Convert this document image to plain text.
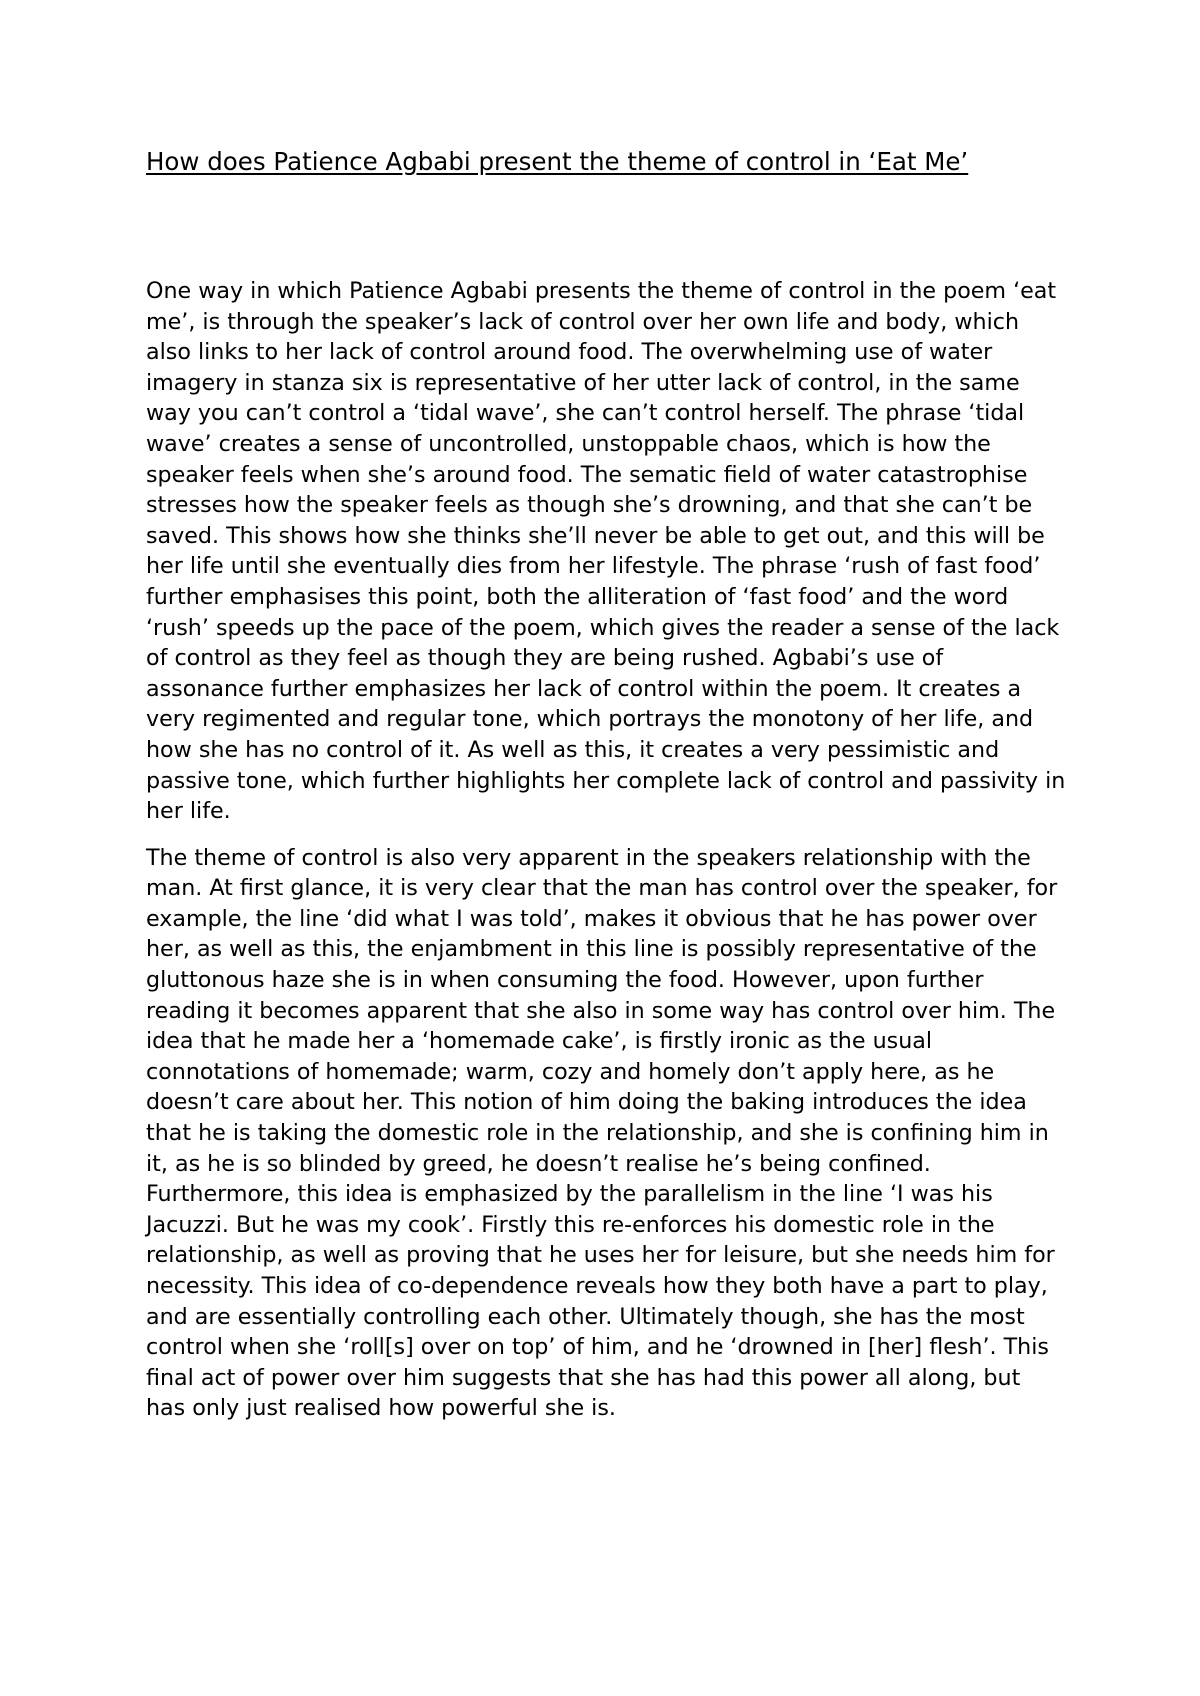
How does Patience Agbabi present the theme of control in ‘Eat Me’

One way in which Patience Agbabi presents the theme of control in the poem ‘eat me’, is through the speaker’s lack of control over her own life and body, which also links to her lack of control around food. The overwhelming use of water imagery in stanza six is representative of her utter lack of control, in the same way you can’t control a ‘tidal wave’, she can’t control herself. The phrase ‘tidal wave’ creates a sense of uncontrolled, unstoppable chaos, which is how the speaker feels when she’s around food. The sematic field of water catastrophise stresses how the speaker feels as though she’s drowning, and that she can’t be saved. This shows how she thinks she’ll never be able to get out, and this will be her life until she eventually dies from her lifestyle. The phrase ‘rush of fast food’ further emphasises this point, both the alliteration of ‘fast food’ and the word ‘rush’ speeds up the pace of the poem, which gives the reader a sense of the lack of control as they feel as though they are being rushed. Agbabi’s use of assonance further emphasizes her lack of control within the poem. It creates a very regimented and regular tone, which portrays the monotony of her life, and how she has no control of it. As well as this, it creates a very pessimistic and passive tone, which further highlights her complete lack of control and passivity in her life.

The theme of control is also very apparent in the speakers relationship with the man. At first glance, it is very clear that the man has control over the speaker, for example, the line ‘did what I was told’, makes it obvious that he has power over her, as well as this, the enjambment in this line is possibly representative of the gluttonous haze she is in when consuming the food. However, upon further reading it becomes apparent that she also in some way has control over him. The idea that he made her a ‘homemade cake’, is firstly ironic as the usual connotations of homemade; warm, cozy and homely don’t apply here, as he doesn’t care about her. This notion of him doing the baking introduces the idea that he is taking the domestic role in the relationship, and she is confining him in it, as he is so blinded by greed, he doesn’t realise he’s being confined. Furthermore, this idea is emphasized by the parallelism in the line ‘I was his Jacuzzi. But he was my cook’. Firstly this re-enforces his domestic role in the relationship, as well as proving that he uses her for leisure, but she needs him for necessity. This idea of co-dependence reveals how they both have a part to play, and are essentially controlling each other. Ultimately though, she has the most control when she ‘roll[s] over on top’ of him, and he ‘drowned in [her] flesh’. This final act of power over him suggests that she has had this power all along, but has only just realised how powerful she is.
